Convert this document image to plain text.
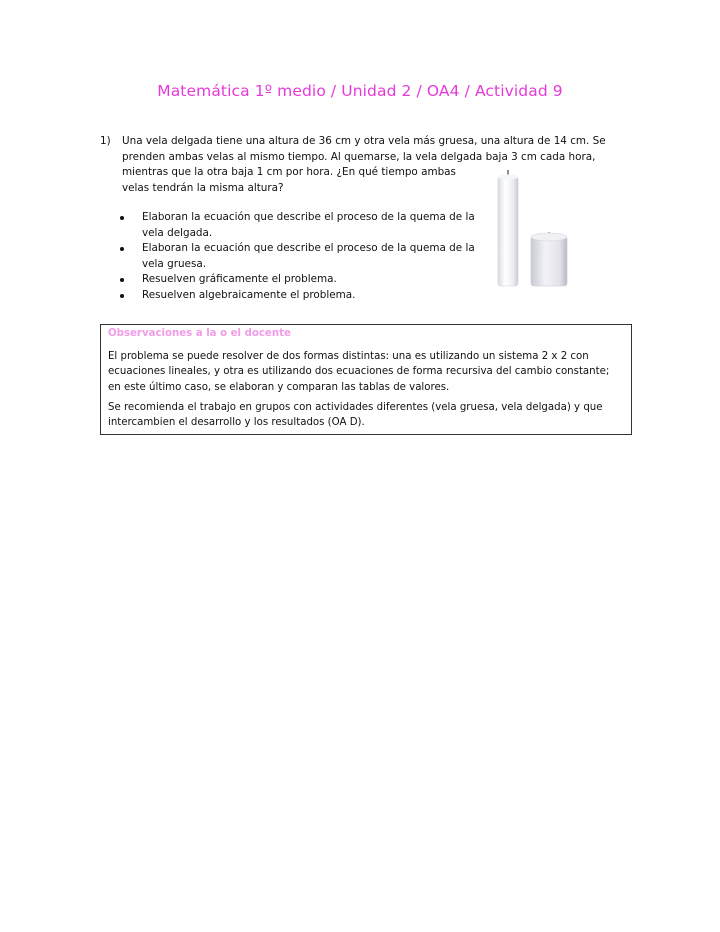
Matemática 1º medio / Unidad 2 / OA4 / Actividad 9
1) Una vela delgada tiene una altura de 36 cm y otra vela más gruesa, una altura de 14 cm. Se
prenden ambas velas al mismo tiempo. Al quemarse, la vela delgada baja 3 cm cada hora,
mientras que la otra baja 1 cm por hora. ¿En qué tiempo ambas
velas tendrán la misma altura?
Elaboran la ecuación que describe el proceso de la quema de la
vela delgada.
Elaboran la ecuación que describe el proceso de la quema de la
vela gruesa.
Resuelven gráficamente el problema.
Resuelven algebraicamente el problema.
Observaciones a la o el docente
El problema se puede resolver de dos formas distintas: una es utilizando un sistema 2 x 2 con
ecuaciones lineales, y otra es utilizando dos ecuaciones de forma recursiva del cambio constante;
en este último caso, se elaboran y comparan las tablas de valores.
Se recomienda el trabajo en grupos con actividades diferentes (vela gruesa, vela delgada) y que
intercambien el desarrollo y los resultados (OA D).
